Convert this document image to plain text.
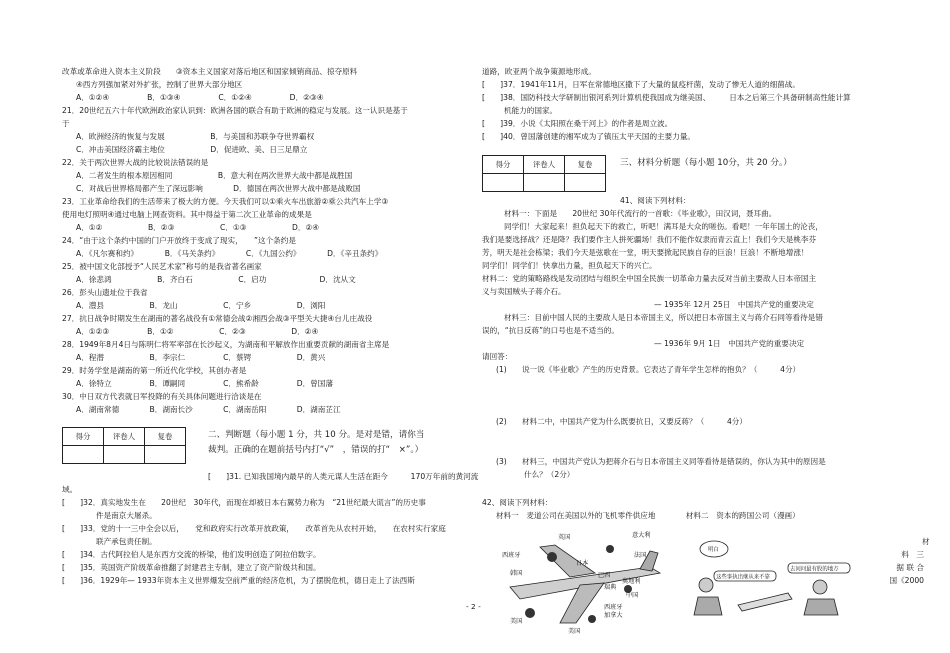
改革或革命进入资本主义阶段　　③资本主义国家对落后地区和国家倾销商品、掠夺原料
④西方列强加紧对外扩张，控制了世界大部分地区
A．①②④　　　　　B．①③④　　　　　C．①②④　　　　　D．②③④
21．20世纪五六十年代欧洲政治家认识到：欧洲各国的联合有助于欧洲的稳定与发展。这一认识是基于
于
A．欧洲经济的恢复与发展　　　　　　B．与美国和苏联争夺世界霸权
C．冲击美国经济霸主地位　　　　　　D．促进欧、美、日三足鼎立
22．关于两次世界大战的比较说法错误的是
A．二者发生的根本原因相同　　　　　　B．意大利在两次世界大战中都是战胜国
C．对战后世界格局都产生了深远影响　　　　D．德国在两次世界大战中都是战败国
23．工业革命给我们的生活带来了极大的方便。今天我们可以①乘火车出旅游②乘公共汽车上学③
使用电灯照明④通过电脑上网查资料。其中得益于第二次工业革命的成果是
A．①②　　　　　　B．②③　　　　　　C．①③　　　　　　D．②④
24．“由于这个条约中国的门户开放终于变成了现实，　　”这个条约是
A．《凡尔赛和约》　　　　B．《马关条约》　　　　C．《九国公约》　　　　D．《辛丑条约》
25．被中国文化部授予“人民艺术家”称号的是我省著名画家
A．徐悲鸿　　　　　　B．齐白石　　　　　　C．启功　　　　　　　D．沈从文
26．彭头山遗址位于我省
A．澧县　　　　　　B．龙山　　　　　　C．宁乡　　　　　　D．浏阳
27．抗日战争时期发生在湖南的著名战役有①常德会战②湘西会战③平型关大捷④台儿庄战役
A．①②③　　　　　B．①②　　　　　　C．②③　　　　　　D．②④
28．1949年8月4日与陈明仁将军率部在长沙起义，为湖南和平解放作出重要贡献的湖南省主席是
A．程潜　　　　　　B．李宗仁　　　　　C．蔡锷　　　　　　D．黄兴
29．时务学堂是湖南的第一所近代化学校，其创办者是
A．徐特立　　　　　B．谭嗣同　　　　　C．熊希龄　　　　　D．曾国藩
30．中日双方代表就日军投降的有关具体问题进行洽谈是在
A．湖南常德　　　　B．湖南长沙　　　　C．湖南岳阳　　　　D．湖南芷江
得分	评卷人	复卷
			二、判断题（每小题 1 分，共 10 分。是对是错，请你当
裁判。正确的在题前括号内打“√”　，错误的打“　×”。）
[　　]31. 已知我国境内最早的人类元谋人生活在距今　　　170万年前的黄河流
域。
[　　]32．真实地发生在　　20世纪　30年代，而现在却被日本右翼势力称为　“21世纪最大谎言”的历史事
件是南京大屠杀。
[　　]33．党的十一三中全会以后，　　党和政府实行改革开放政策，　　改革首先从农村开始，　　在农村实行家庭
联产承包责任制。
[　　]34．古代阿拉伯人是东西方交流的桥梁，他们发明创造了阿拉伯数字。
[　　]35．英国资产阶级革命推翻了封建君主专制，建立了资产阶级共和国。
[　　]36．1929年— 1933年资本主义世界爆发空前严重的经济危机，为了摆脱危机，德日走上了法西斯
道路，欧亚两个战争策源地形成。
[　　]37．1941年11月，日军在常德地区撒下了大量的鼠疫杆菌，发动了惨无人道的细菌战。
[　　]38．国防科技大学研制出银河系列计算机使我国成为继美国、　　　日本之后第三个具备研制高性能计算
机能力的国家。
[　　]39．小说《太阳照在桑干河上》的作者是周立波。
[　　]40．曾国藩创建的湘军成为了镇压太平天国的主要力量。
得分	评卷人	复卷
			三、材料分析题（每小题 10分，共 20 分。）
41、阅读下列材料：
材料一：下面是　　20世纪 30年代流行的一首歌：《毕业歌》，田汉词，聂耳曲。
同学们！大家起来！担负起天下的救亡，听吧！满耳是大众的嗟伤。看吧！一年年国土的沦丧，
我们是要选择战？还是降？我们要作主人拼死疆场！我们不能作奴隶而青云直上！我们今天是桃李芬
芳，明天是社会栋梁；我们今天是弦歌在一堂，明天要掀起民族自存的巨浪！巨浪！不断地增涨！
同学们！同学们！快拿出力量，担负起天下的兴亡。
材料二：党的策略路线是发动团结与组织全中国全民族一切革命力量去反对当前主要敌人日本帝国主
义与卖国贼头子蒋介石。
— 1935年 12月 25日　中国共产党的重要决定
材料三：目前中国人民的主要敌人是日本帝国主义，所以把日本帝国主义与蒋介石同等看待是错
误的，“抗日反蒋”的口号也是不适当的。
— 1936年 9月 1日　中国共产党的重要决定
请回答：
(1)　　说一说《毕业歌》产生的历史背景。它表达了青年学生怎样的抱负？（　　　4分）
(2)　　材料二中，中国共产党为什么既要抗日，又要反蒋？（　　　4分）
(3)　　材料三，中国共产党认为把蒋介石与日本帝国主义同等看待是错误的，你认为其中的原因是
什么？（2分）
42、阅读下列材料：
材料一　麦道公司在美国以外的飞机零件供应地　　　　材料二　资本的跨国公司（漫画）
材
料　三
据 联 合
国《2000
英国	意大利
西班牙
韩国
法国
日本
巴西
奥地利
中国
瑞典
西班牙
加拿大
美国
美国
明白
这些事执出继从来不靠
去问问最有股的地方
- 2 -
